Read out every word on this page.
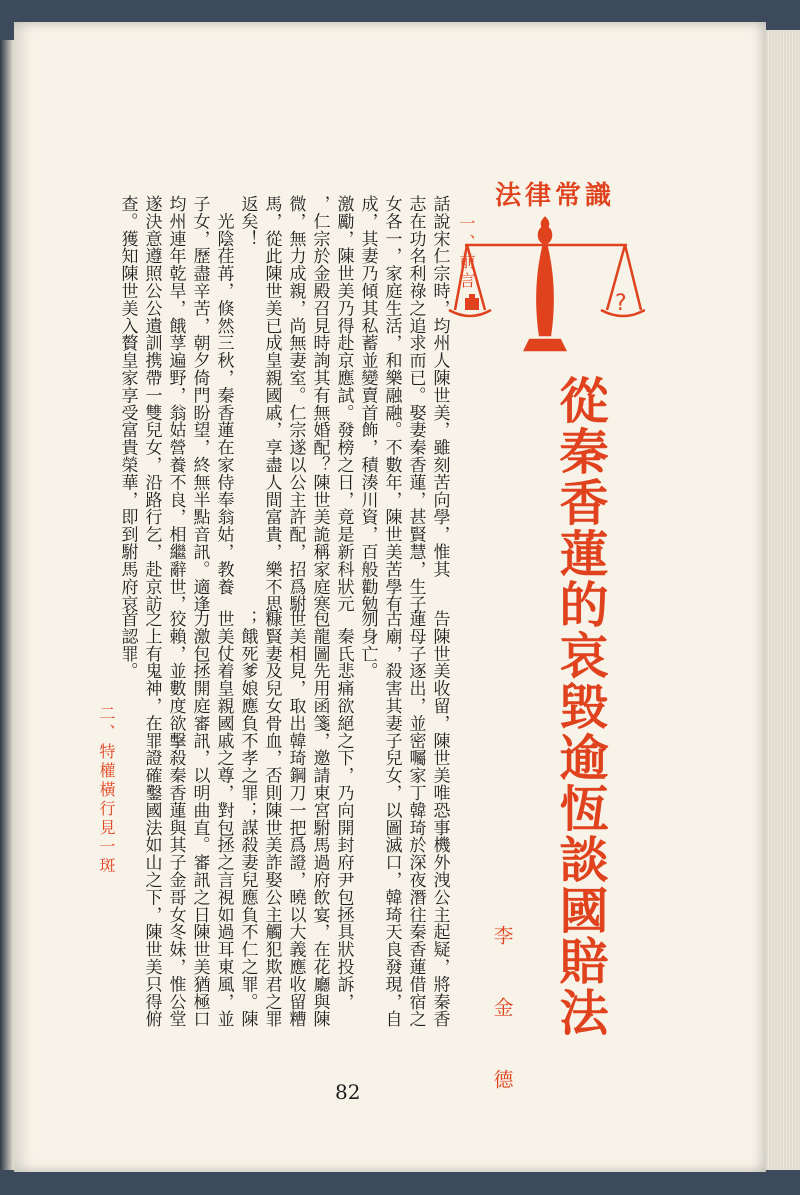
法律常識
?
從秦香蓮的哀毀逾恆談國賠法
李 金 德
一、前言
二、特權橫行見一斑
話說宋仁宗時，均州人陳世美，雖刻苦向學，惟其
志在功名利祿之追求而已。娶妻秦香蓮，甚賢慧，生子
女各一，家庭生活，和樂融融。不數年，陳世美苦學有
成，其妻乃傾其私蓄並變賣首飾，積湊川資，百般勸勉
激勵，陳世美乃得赴京應試。發榜之日，竟是新科狀元
，仁宗於金殿召見時詢其有無婚配？陳世美詭稱家庭寒
微，無力成親，尚無妻室。仁宗遂以公主許配，招爲駙
馬，從此陳世美已成皇親國戚，享盡人間富貴，樂不思
返矣！
　光陰荏苒，倏然三秋，秦香蓮在家侍奉翁姑，教養
子女，歷盡辛苦，朝夕倚門盼望，終無半點音訊。適逢
均州連年乾旱，餓莩遍野，翁姑營養不良，相繼辭世，
遂決意遵照公公遺訓携帶一雙兒女，沿路行乞，赴京訪
查。獲知陳世美入贅皇家享受富貴榮華，即到駙馬府哀
告陳世美收留，陳世美唯恐事機外洩公主起疑，將秦香
蓮母子逐出，並密囑家丁韓琦於深夜潛往秦香蓮借宿之
古廟，殺害其妻子兒女，以圖滅口，韓琦天良發現，自
刎身亡。
　秦氏悲痛欲絕之下，乃向開封府尹包拯具狀投訴，
包龍圖先用函箋，邀請東宮駙馬過府飲宴，在花廳與陳
世美相見，取出韓琦鋼刀一把爲證，曉以大義應收留糟
糠賢妻及兒女骨血，否則陳世美詐娶公主觸犯欺君之罪
；餓死爹娘應負不孝之罪；謀殺妻兒應負不仁之罪。陳
世美仗着皇親國戚之尊，對包拯之言視如過耳東風，並
力激包拯開庭審訊，以明曲直。審訊之日陳世美猶極口
狡賴，並數度欲擊殺秦香蓮與其子金哥女冬妹，惟公堂
之上有鬼神，在罪證確鑿國法如山之下，陳世美只得俯
首認罪。
82
